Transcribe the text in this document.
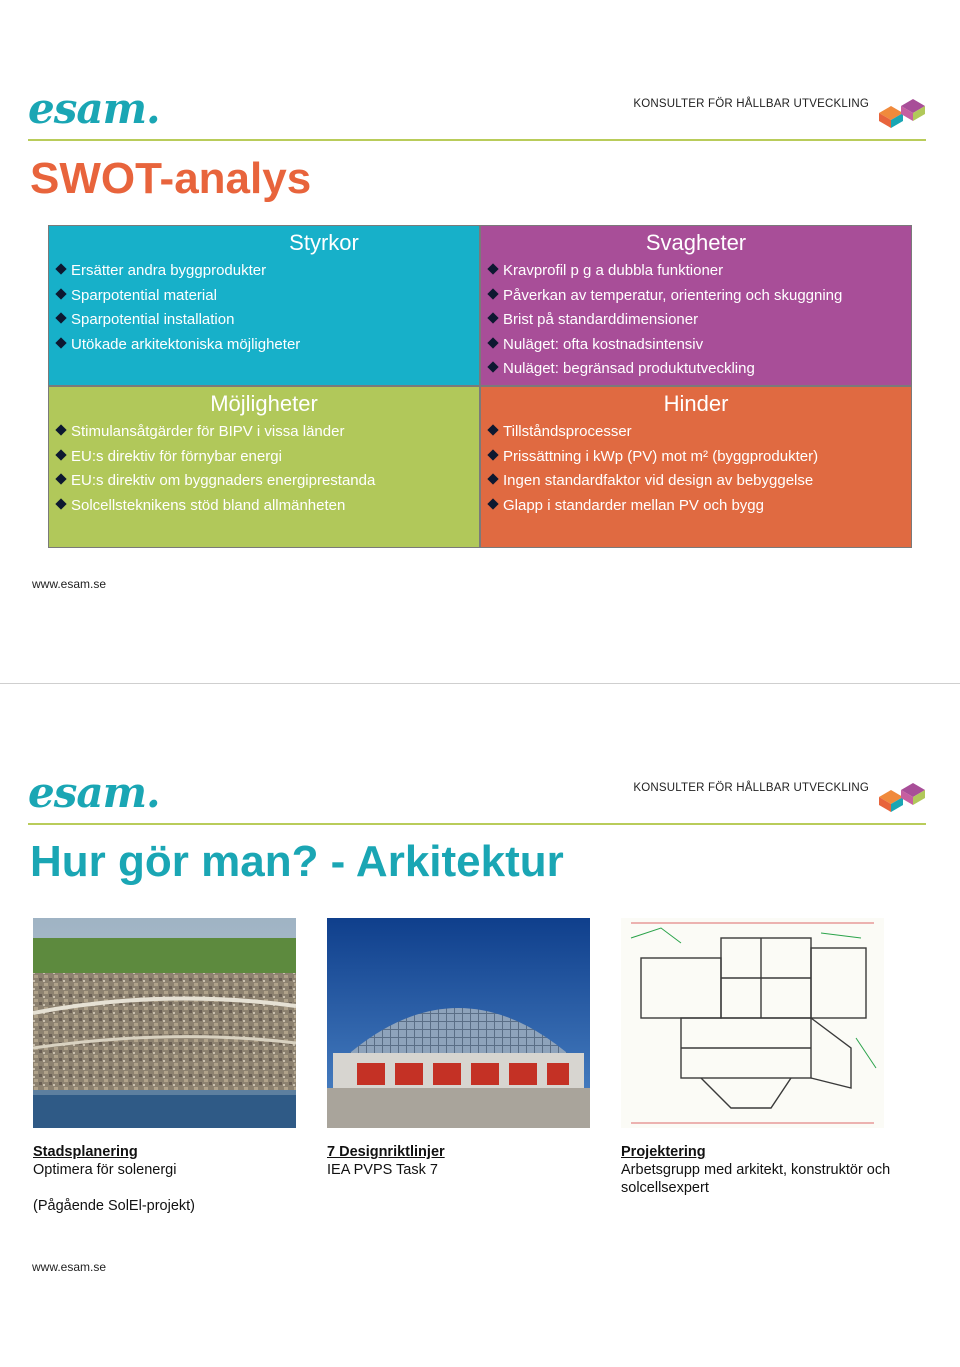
esam.	KONSULTER FÖR HÅLLBAR UTVECKLING
SWOT-analys
Styrkor
Ersätter andra byggprodukter
Sparpotential material
Sparpotential installation
Utökade arkitektoniska möjligheter
Svagheter
Kravprofil p g a dubbla funktioner
Påverkan av temperatur, orientering och skuggning
Brist på standarddimensioner
Nuläget: ofta kostnadsintensiv
Nuläget: begränsad produktutveckling
Möjligheter
Stimulansåtgärder för BIPV i vissa länder
EU:s direktiv för förnybar energi
EU:s direktiv om byggnaders energiprestanda
Solcellsteknikens stöd bland allmänheten
Hinder
Tillståndsprocesser
Prissättning i kWp (PV) mot m² (byggprodukter)
Ingen standardfaktor vid design av bebyggelse
Glapp i standarder mellan PV och bygg
www.esam.se
esam.	KONSULTER FÖR HÅLLBAR UTVECKLING
Hur gör man? - Arkitektur

Stadsplanering

Optimera för solenergi

(Pågående SolEl-projekt)

7 Designriktlinjer

IEA PVPS Task 7

Projektering

Arbetsgrupp med arkitekt, konstruktör och solcellsexpert

www.esam.se
